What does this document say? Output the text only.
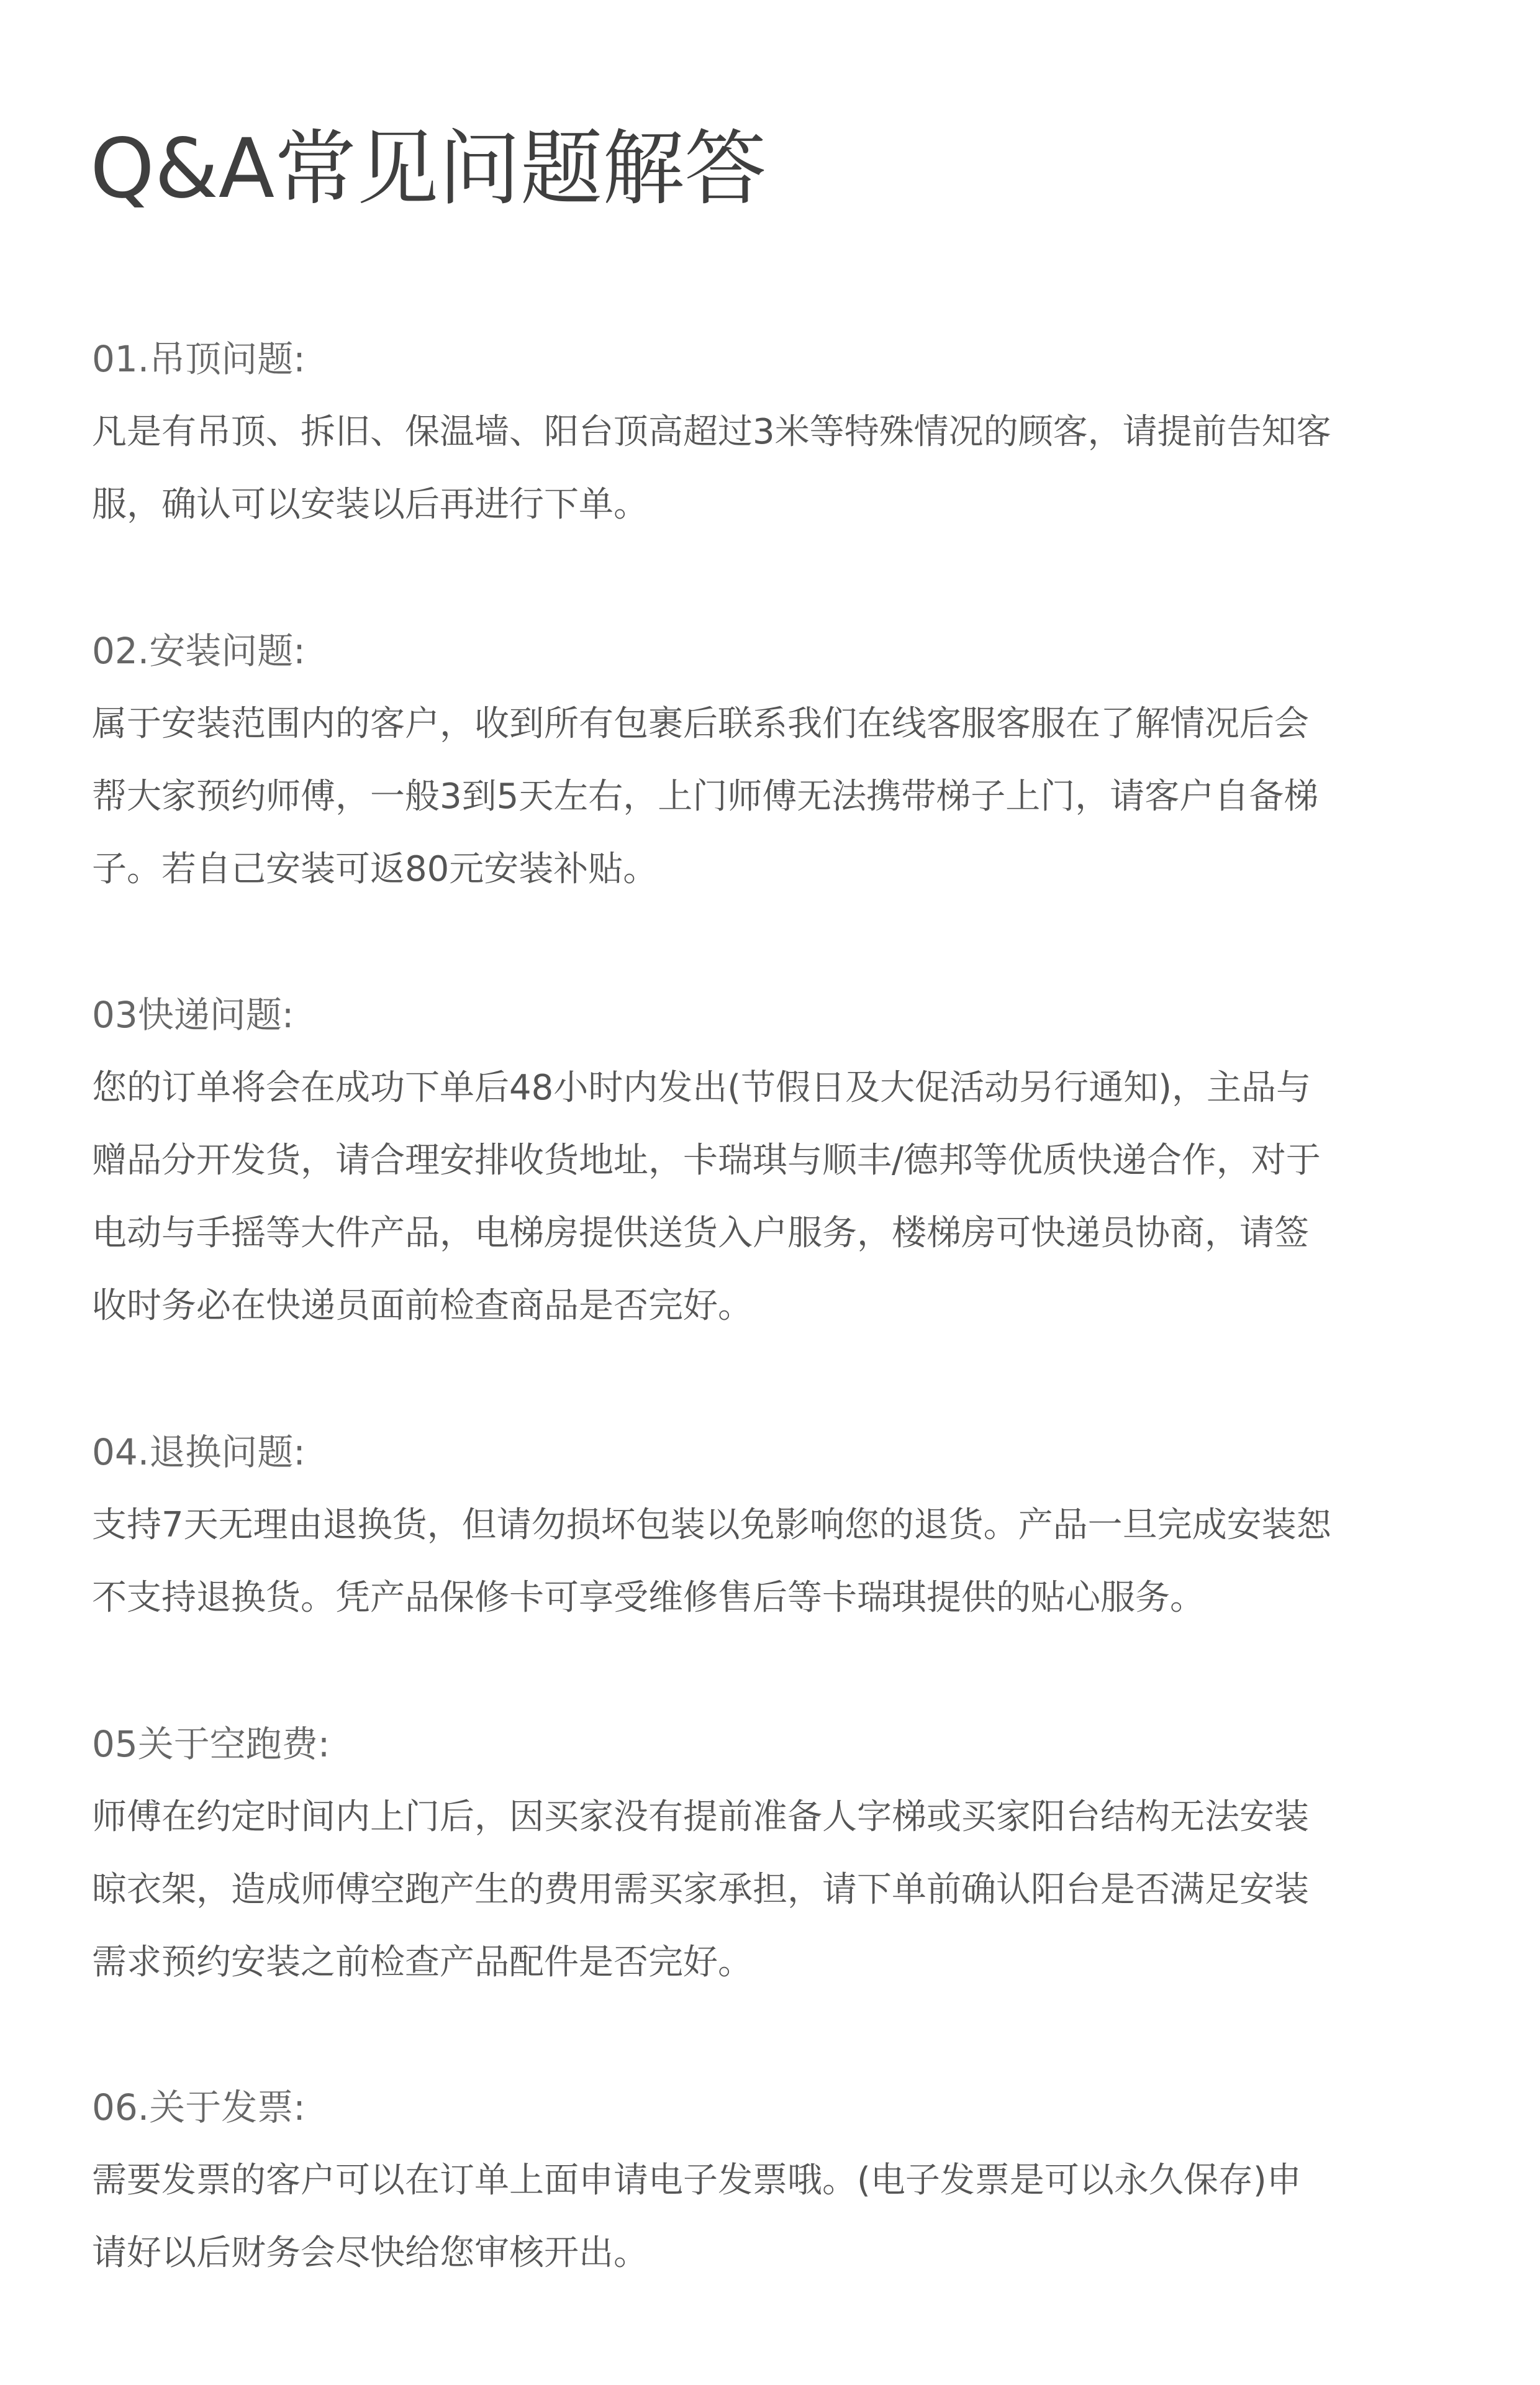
Q&A常见问题解答

01.吊顶问题:

凡是有吊顶、拆旧、保温墙、阳台顶高超过3米等特殊情况的顾客，请提前告知客
服，确认可以安装以后再进行下单。

02.安装问题:

属于安装范围内的客户，收到所有包裹后联系我们在线客服客服在了解情况后会
帮大家预约师傅，一般3到5天左右，上门师傅无法携带梯子上门，请客户自备梯
子。若自己安装可返80元安装补贴。

03快递问题:

您的订单将会在成功下单后48小时内发出(节假日及大促活动另行通知)，主品与
赠品分开发货，请合理安排收货地址，卡瑞琪与顺丰/德邦等优质快递合作，对于
电动与手摇等大件产品，电梯房提供送货入户服务，楼梯房可快递员协商，请签
收时务必在快递员面前检查商品是否完好。

04.退换问题:

支持7天无理由退换货，但请勿损坏包装以免影响您的退货。产品一旦完成安装恕
不支持退换货。凭产品保修卡可享受维修售后等卡瑞琪提供的贴心服务。

05关于空跑费:

师傅在约定时间内上门后，因买家没有提前准备人字梯或买家阳台结构无法安装
晾衣架，造成师傅空跑产生的费用需买家承担，请下单前确认阳台是否满足安装
需求预约安装之前检查产品配件是否完好。

06.关于发票:

需要发票的客户可以在订单上面申请电子发票哦。(电子发票是可以永久保存)申
请好以后财务会尽快给您审核开出。
